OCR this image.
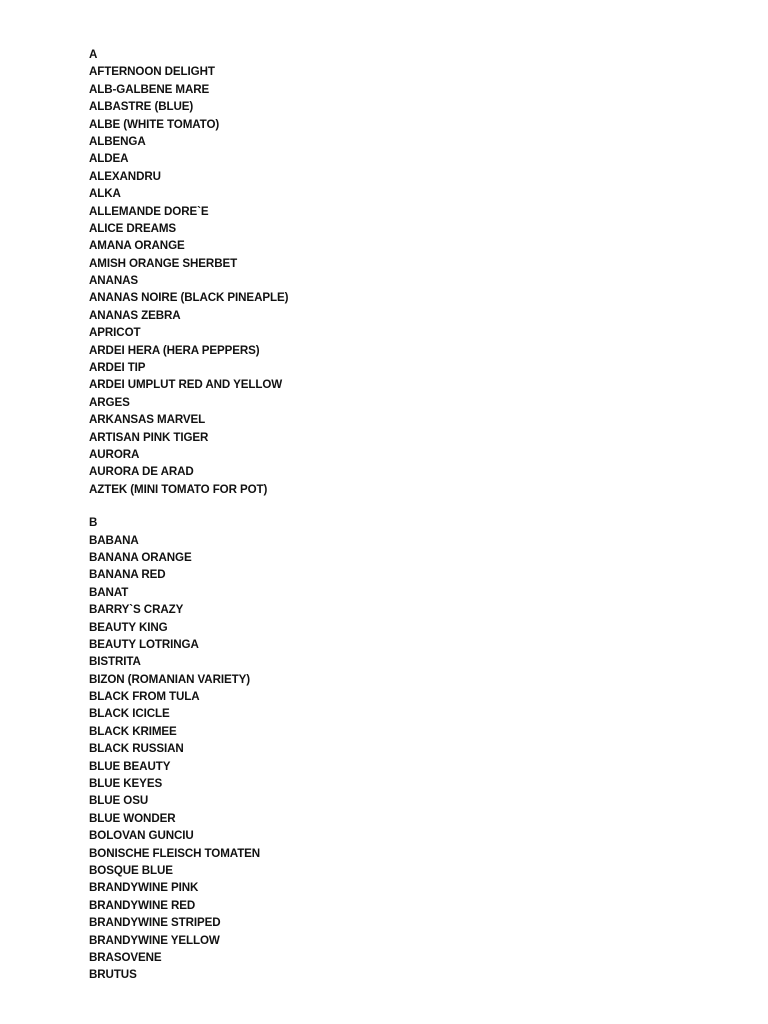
A
AFTERNOON DELIGHT
ALB-GALBENE MARE
ALBASTRE (BLUE)
ALBE (WHITE TOMATO)
ALBENGA
ALDEA
ALEXANDRU
ALKA
ALLEMANDE DORE`E
ALICE DREAMS
AMANA ORANGE
AMISH ORANGE SHERBET
ANANAS
ANANAS NOIRE (BLACK PINEAPLE)
ANANAS ZEBRA
APRICOT
ARDEI HERA (HERA PEPPERS)
ARDEI TIP
ARDEI UMPLUT RED AND YELLOW
ARGES
ARKANSAS MARVEL
ARTISAN PINK TIGER
AURORA
AURORA DE ARAD
AZTEK (MINI TOMATO FOR POT)
B
BABANA
BANANA ORANGE
BANANA RED
BANAT
BARRY`S CRAZY
BEAUTY KING
BEAUTY LOTRINGA
BISTRITA
BIZON (ROMANIAN VARIETY)
BLACK FROM TULA
BLACK ICICLE
BLACK KRIMEE
BLACK RUSSIAN
BLUE BEAUTY
BLUE KEYES
BLUE OSU
BLUE WONDER
BOLOVAN GUNCIU
BONISCHE FLEISCH TOMATEN
BOSQUE BLUE
BRANDYWINE PINK
BRANDYWINE RED
BRANDYWINE STRIPED
BRANDYWINE YELLOW
BRASOVENE
BRUTUS
